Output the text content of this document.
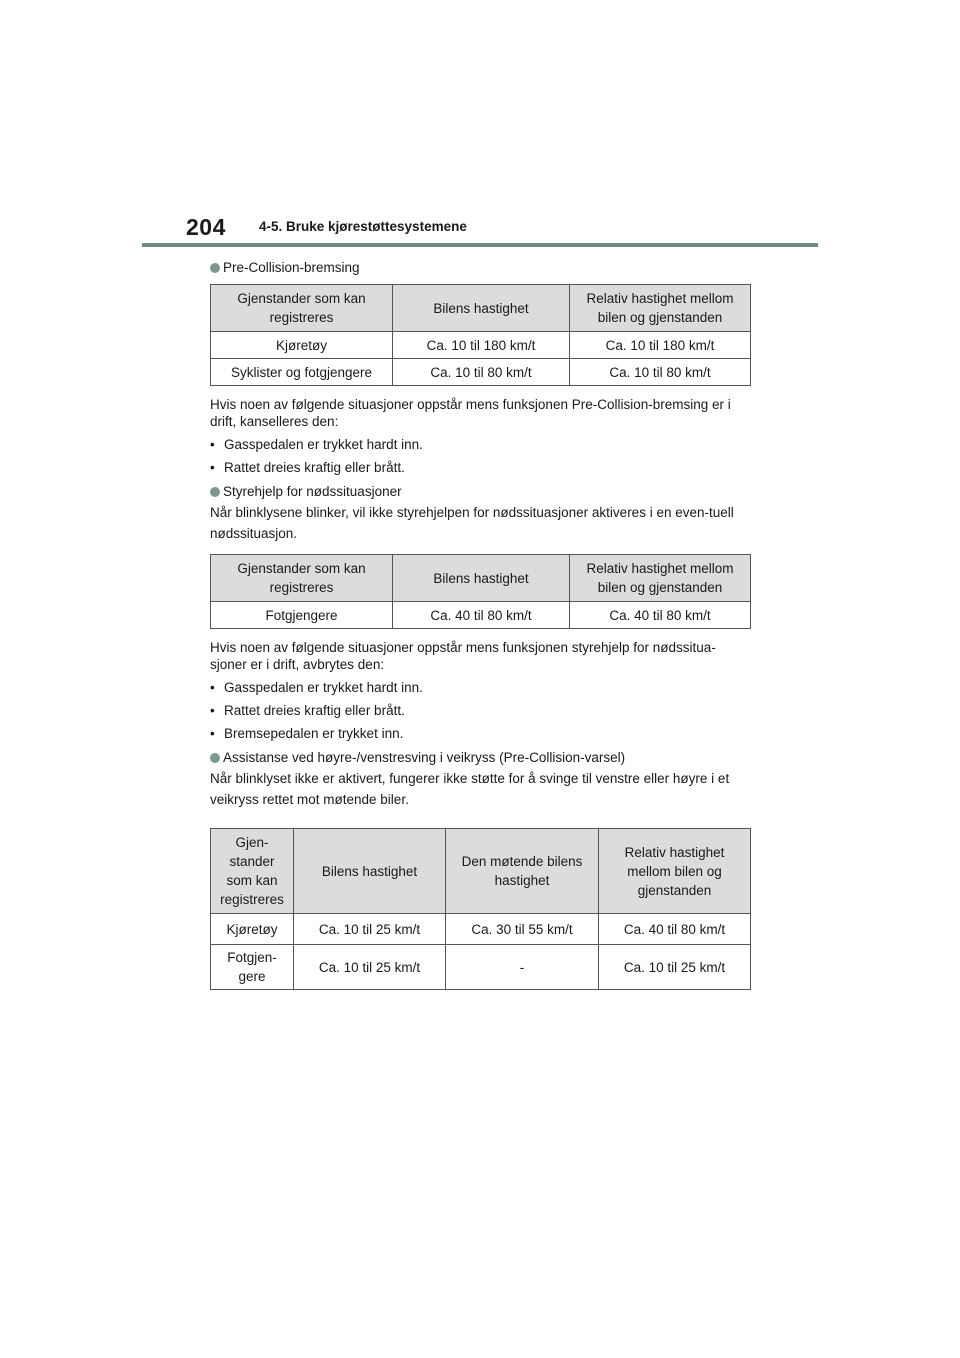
204 4-5. Bruke kjørestøttesystemene
Pre-Collision-bremsing
Gjenstander som kan registreres	Bilens hastighet	Relativ hastighet mellom bilen og gjenstanden
Kjøretøy	Ca. 10 til 180 km/t	Ca. 10 til 180 km/t
Syklister og fotgjengere	Ca. 10 til 80 km/t	Ca. 10 til 80 km/t

Hvis noen av følgende situasjoner oppstår mens funksjonen Pre-Collision-bremsing er i drift, kanselleres den:

• Gasspedalen er trykket hardt inn.
• Rattet dreies kraftig eller brått.
Styrehjelp for nødssituasjoner

Når blinklysene blinker, vil ikke styrehjelpen for nødssituasjoner aktiveres i en even-tuell nødssituasjon.

Gjenstander som kan registreres	Bilens hastighet	Relativ hastighet mellom bilen og gjenstanden
Fotgjengere	Ca. 40 til 80 km/t	Ca. 40 til 80 km/t

Hvis noen av følgende situasjoner oppstår mens funksjonen styrehjelp for nødssitua-sjoner er i drift, avbrytes den:

• Gasspedalen er trykket hardt inn.
• Rattet dreies kraftig eller brått.
• Bremsepedalen er trykket inn.
Assistanse ved høyre-/venstresving i veikryss (Pre-Collision-varsel)

Når blinklyset ikke er aktivert, fungerer ikke støtte for å svinge til venstre eller høyre i et veikryss rettet mot møtende biler.

Gjen-stander som kan registreres	Bilens hastighet	Den møtende bilens hastighet	Relativ hastighet mellom bilen og gjenstanden
Kjøretøy	Ca. 10 til 25 km/t	Ca. 30 til 55 km/t	Ca. 40 til 80 km/t
Fotgjen-gere	Ca. 10 til 25 km/t	-	Ca. 10 til 25 km/t
